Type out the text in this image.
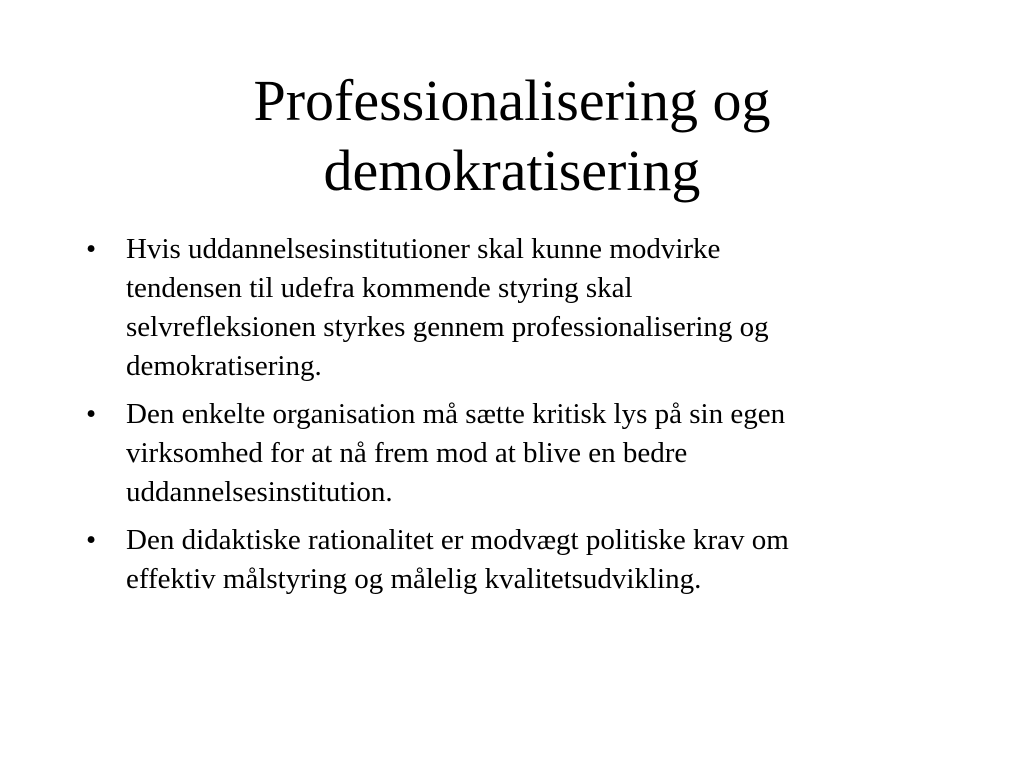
Professionalisering og
demokratisering
• Hvis uddannelsesinstitutioner skal kunne modvirke
tendensen til udefra kommende styring skal
selvrefleksionen styrkes gennem professionalisering og
demokratisering.
• Den enkelte organisation må sætte kritisk lys på sin egen
virksomhed for at nå frem mod at blive en bedre
uddannelsesinstitution.
• Den didaktiske rationalitet er modvægt politiske krav om
effektiv målstyring og målelig kvalitetsudvikling.
